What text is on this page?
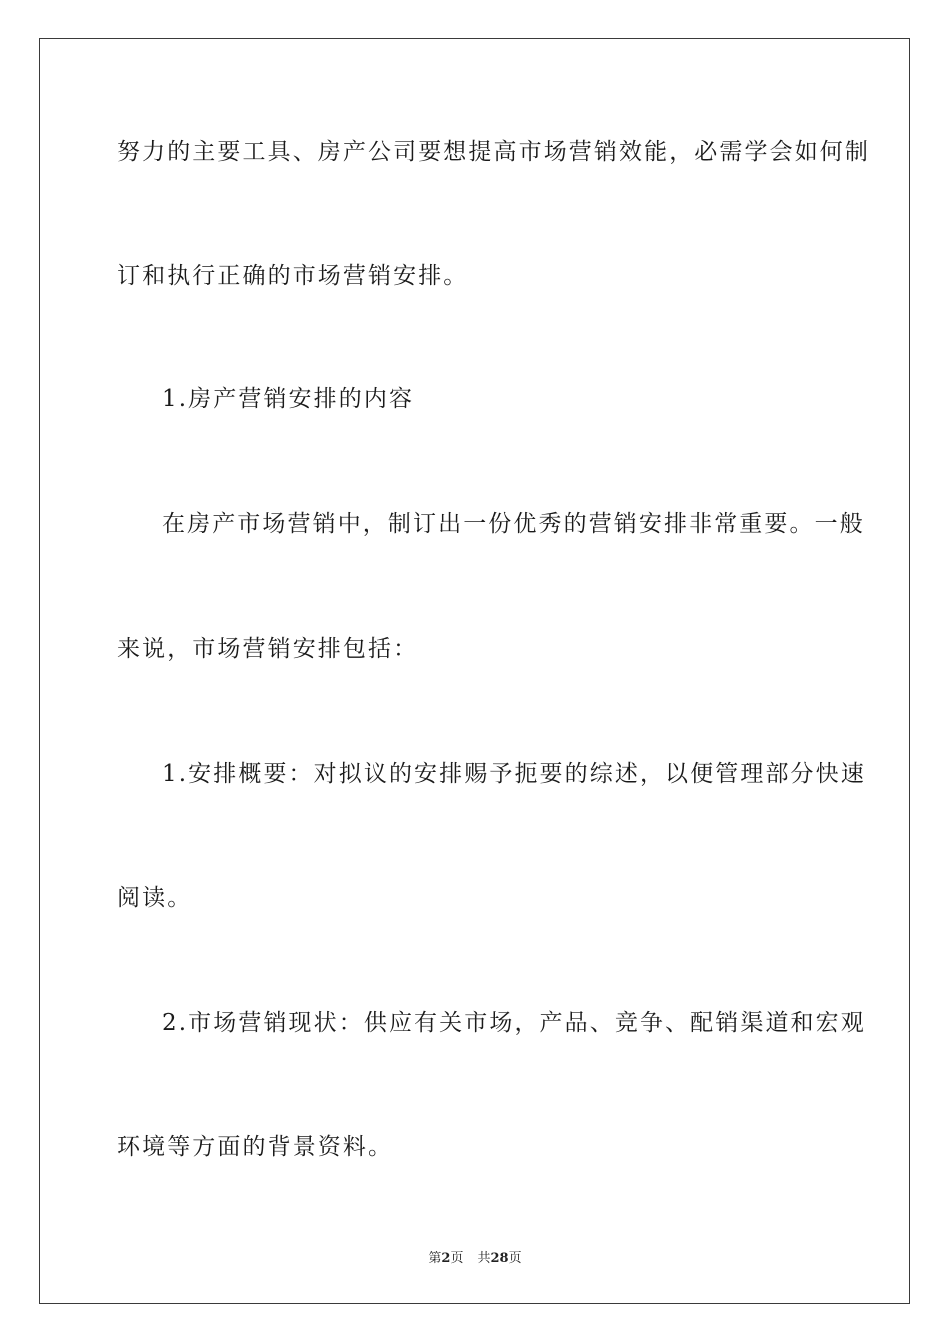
努力的主要工具、房产公司要想提高市场营销效能，必需学会如何制
订和执行正确的市场营销安排。
1.房产营销安排的内容
在房产市场营销中，制订出一份优秀的营销安排非常重要。一般
来说，市场营销安排包括：
1.安排概要：对拟议的安排赐予扼要的综述，以便管理部分快速
阅读。
2.市场营销现状：供应有关市场，产品、竞争、配销渠道和宏观
环境等方面的背景资料。
第2页 共28页
